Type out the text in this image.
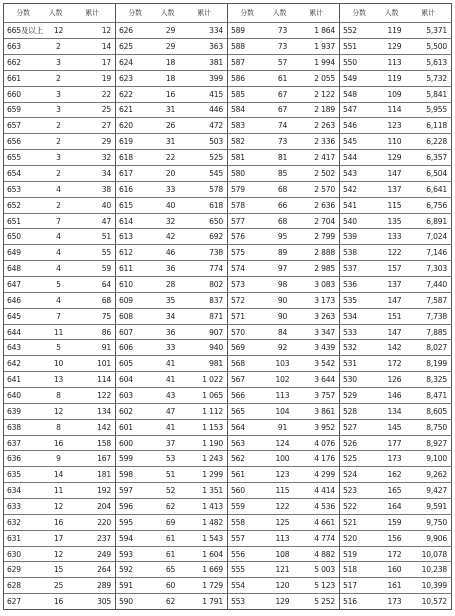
分数	人数	累计
665及以上	12	12
663	2	14
662	3	17
661	2	19
660	3	22
659	3	25
657	2	27
656	2	29
655	3	32
654	2	34
653	4	38
652	2	40
651	7	47
650	4	51
649	4	55
648	4	59
647	5	64
646	4	68
645	7	75
644	11	86
643	5	91
642	10	101
641	13	114
640	8	122
639	12	134
638	8	142
637	16	158
636	9	167
635	14	181
634	11	192
633	12	204
632	16	220
631	17	237
630	12	249
629	15	264
628	25	289
627	16	305
分数	人数	累计
626	29	334
625	29	363
624	18	381
623	18	399
622	16	415
621	31	446
620	26	472
619	31	503
618	22	525
617	20	545
616	33	578
615	40	618
614	32	650
613	42	692
612	46	738
611	36	774
610	28	802
609	35	837
608	34	871
607	36	907
606	33	940
605	41	981
604	41	1 022
603	43	1 065
602	47	1 112
601	41	1 153
600	37	1 190
599	53	1 243
598	51	1 299
597	52	1 351
596	62	1 413
595	69	1 482
594	61	1 543
593	61	1 604
592	65	1 669
591	60	1 729
590	62	1 791
分数	人数	累计
589	73	1 864
588	73	1 937
587	57	1 994
586	61	2 055
585	67	2 122
584	67	2 189
583	74	2 263
582	73	2 336
581	81	2 417
580	85	2 502
579	68	2 570
578	66	2 636
577	68	2 704
576	95	2 799
575	89	2 888
574	97	2 985
573	98	3 083
572	90	3 173
571	90	3 263
570	84	3 347
569	92	3 439
568	103	3 542
567	102	3 644
566	113	3 757
565	104	3 861
564	91	3 952
563	124	4 076
562	100	4 176
561	123	4 299
560	115	4 414
559	122	4 536
558	125	4 661
557	113	4 774
556	108	4 882
555	121	5 003
554	120	5 123
553	129	5 252
分数	人数	累计
552	119	5,371
551	129	5,500
550	113	5,613
549	119	5,732
548	109	5,841
547	114	5,955
546	123	6,118
545	110	6,228
544	129	6,357
543	147	6,504
542	137	6,641
541	115	6,756
540	135	6,891
539	133	7,024
538	122	7,146
537	157	7,303
536	137	7,440
535	147	7,587
534	151	7,738
533	147	7,885
532	142	8,027
531	172	8,199
530	126	8,325
529	146	8,471
528	134	8,605
527	145	8,750
526	177	8,927
525	173	9,100
524	162	9,262
523	165	9,427
522	164	9,591
521	159	9,750
520	156	9,906
519	172	10,078
518	160	10,238
517	161	10,399
516	173	10,572
